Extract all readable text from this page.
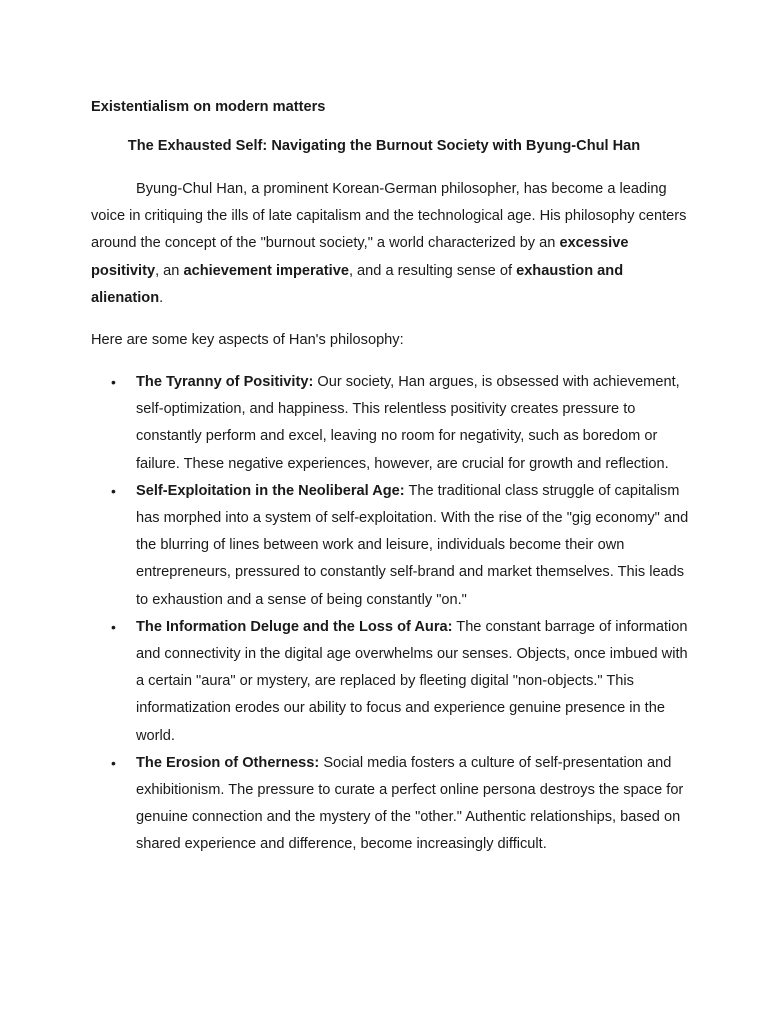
Existentialism on modern matters
The Exhausted Self: Navigating the Burnout Society with Byung-Chul Han

Byung-Chul Han, a prominent Korean-German philosopher, has become a leading voice in critiquing the ills of late capitalism and the technological age. His philosophy centers around the concept of the "burnout society," a world characterized by an excessive positivity, an achievement imperative, and a resulting sense of exhaustion and alienation.

Here are some key aspects of Han's philosophy:

• The Tyranny of Positivity: Our society, Han argues, is obsessed with achievement, self-optimization, and happiness. This relentless positivity creates pressure to constantly perform and excel, leaving no room for negativity, such as boredom or failure. These negative experiences, however, are crucial for growth and reflection.
• Self-Exploitation in the Neoliberal Age: The traditional class struggle of capitalism has morphed into a system of self-exploitation. With the rise of the "gig economy" and the blurring of lines between work and leisure, individuals become their own entrepreneurs, pressured to constantly self-brand and market themselves. This leads to exhaustion and a sense of being constantly "on."
• The Information Deluge and the Loss of Aura: The constant barrage of information and connectivity in the digital age overwhelms our senses. Objects, once imbued with a certain "aura" or mystery, are replaced by fleeting digital "non-objects." This informatization erodes our ability to focus and experience genuine presence in the world.
• The Erosion of Otherness: Social media fosters a culture of self-presentation and exhibitionism. The pressure to curate a perfect online persona destroys the space for genuine connection and the mystery of the "other." Authentic relationships, based on shared experience and difference, become increasingly difficult.
